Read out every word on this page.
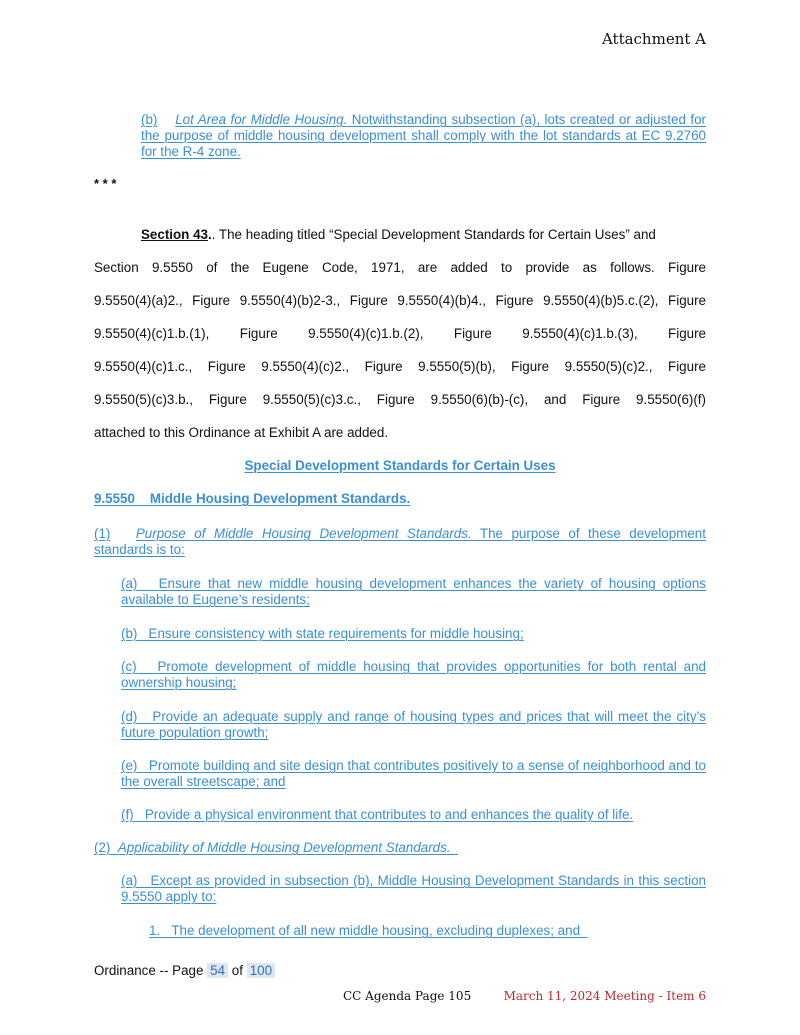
Attachment A

(b) Lot Area for Middle Housing. Notwithstanding subsection (a), lots created or adjusted for the purpose of middle housing development shall comply with the lot standards at EC 9.2760 for the R-4 zone.

* * *
Section 43.. The heading titled “Special Development Standards for Certain Uses” and
Section 9.5550 of the Eugene Code, 1971, are added to provide as follows. Figure
9.5550(4)(a)2., Figure 9.5550(4)(b)2-3., Figure 9.5550(4)(b)4., Figure 9.5550(4)(b)5.c.(2), Figure
9.5550(4)(c)1.b.(1), Figure 9.5550(4)(c)1.b.(2), Figure 9.5550(4)(c)1.b.(3), Figure
9.5550(4)(c)1.c., Figure 9.5550(4)(c)2., Figure 9.5550(5)(b), Figure 9.5550(5)(c)2., Figure
9.5550(5)(c)3.b., Figure 9.5550(5)(c)3.c., Figure 9.5550(6)(b)-(c), and Figure 9.5550(6)(f)
attached to this Ordinance at Exhibit A are added.
Special Development Standards for Certain Uses
9.5550    Middle Housing Development Standards.

(1) Purpose of Middle Housing Development Standards. The purpose of these development standards is to:

(a) Ensure that new middle housing development enhances the variety of housing options available to Eugene’s residents;

(b) Ensure consistency with state requirements for middle housing;

(c) Promote development of middle housing that provides opportunities for both rental and ownership housing;

(d) Provide an adequate supply and range of housing types and prices that will meet the city’s future population growth;

(e) Promote building and site design that contributes positively to a sense of neighborhood and to the overall streetscape; and

(f) Provide a physical environment that contributes to and enhances the quality of life.

(2) Applicability of Middle Housing Development Standards.

(a) Except as provided in subsection (b), Middle Housing Development Standards in this section 9.5550 apply to:

1. The development of all new middle housing, excluding duplexes; and

Ordinance -- Page 54 of 100
CC Agenda Page 105	March 11, 2024 Meeting - Item 6
